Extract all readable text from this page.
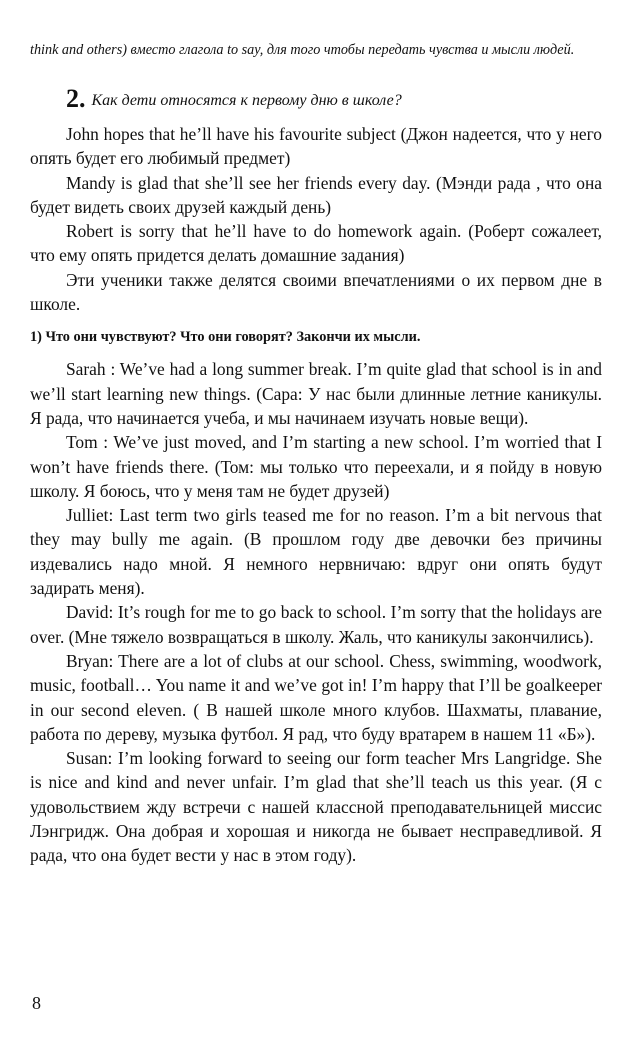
think and others) вместо глагола to say, для того чтобы передать чувства и мысли людей.

2. Как дети относятся к первому дню в школе?

John hopes that he’ll have his favourite subject (Джон надеется, что у него опять будет его любимый предмет)

Mandy is glad that she’ll see her friends every day. (Мэнди рада , что она будет видеть своих друзей каждый день)

Robert is sorry that he’ll have to do homework again. (Роберт сожалеет, что ему опять придется делать домашние задания)

Эти ученики также делятся своими впечатлениями о их первом дне в школе.

1) Что они чувствуют? Что они говорят? Закончи их мысли.

Sarah : We’ve had a long summer break. I’m quite glad that school is in and we’ll start learning new things. (Сара: У нас были длинные летние каникулы. Я рада, что начинается учеба, и мы начинаем изучать новые вещи).

Tom : We’ve just moved, and I’m starting a new school. I’m worried that I won’t have friends there. (Том: мы только что переехали, и я пойду в новую школу. Я боюсь, что у меня там не будет друзей)

Julliet: Last term two girls teased me for no reason. I’m a bit nervous that they may bully me again. (В прошлом году две девочки без причины издевались надо мной. Я немного нервничаю: вдруг они опять будут задирать меня).

David: It’s rough for me to go back to school. I’m sorry that the holidays are over. (Мне тяжело возвращаться в школу. Жаль, что каникулы закончились).

Bryan: There are a lot of clubs at our school. Chess, swimming, woodwork, music, football… You name it and we’ve got in! I’m happy that I’ll be goalkeeper in our second eleven. ( В нашей школе много клубов. Шахматы, плавание, работа по дереву, музыка футбол. Я рад, что буду вратарем в нашем 11 «Б»).

Susan: I’m looking forward to seeing our form teacher Mrs Langridge. She is nice and kind and never unfair. I’m glad that she’ll teach us this year. (Я с удовольствием жду встречи с нашей классной преподавательницей миссис Лэнгридж. Она добрая и хорошая и никогда не бывает несправедливой. Я рада, что она будет вести у нас в этом году).

8
